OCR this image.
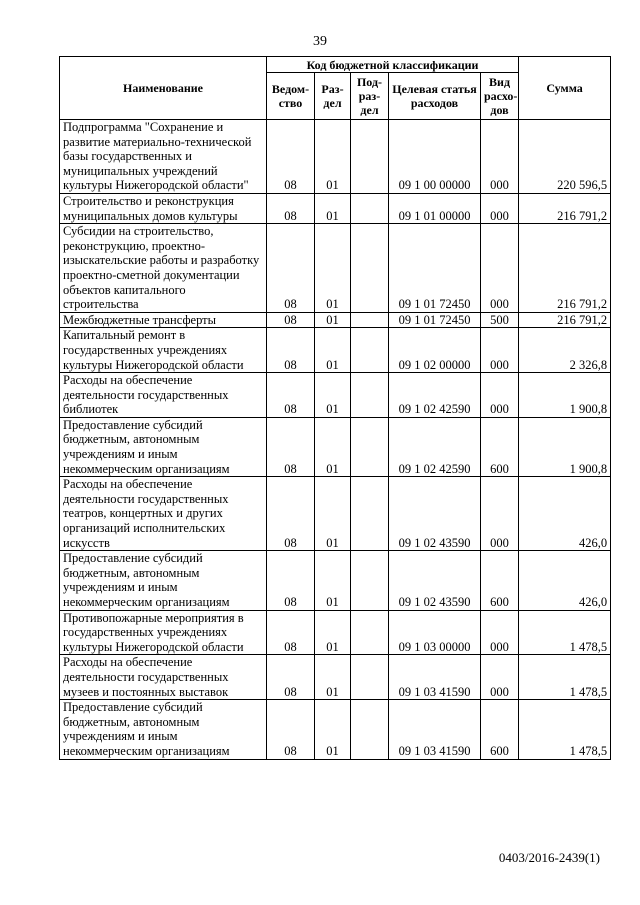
39
Наименование	Код бюджетной классификации					Сумма
	Ведом-ство	Раз-дел	Под-раз-дел	Целевая статья расходов	Вид расхо-дов	
Подпрограмма "Сохранение и развитие материально-технической базы государственных и муниципальных учреждений культуры Нижегородской области"	08	01		09 1 00 00000	000	220 596,5
Строительство и реконструкция муниципальных домов культуры	08	01		09 1 01 00000	000	216 791,2
Субсидии на строительство, реконструкцию, проектно-изыскательские работы и разработку проектно-сметной документации объектов капитального строительства	08	01		09 1 01 72450	000	216 791,2
Межбюджетные трансферты	08	01		09 1 01 72450	500	216 791,2
Капитальный ремонт в государственных учреждениях культуры Нижегородской области	08	01		09 1 02 00000	000	2 326,8
Расходы на обеспечение деятельности государственных библиотек	08	01		09 1 02 42590	000	1 900,8
Предоставление субсидий бюджетным, автономным учреждениям и иным некоммерческим организациям	08	01		09 1 02 42590	600	1 900,8
Расходы на обеспечение деятельности государственных театров, концертных и других организаций исполнительских искусств	08	01		09 1 02 43590	000	426,0
Предоставление субсидий бюджетным, автономным учреждениям и иным некоммерческим организациям	08	01		09 1 02 43590	600	426,0
Противопожарные мероприятия в государственных учреждениях культуры Нижегородской области	08	01		09 1 03 00000	000	1 478,5
Расходы на обеспечение деятельности государственных музеев и постоянных выставок	08	01		09 1 03 41590	000	1 478,5
Предоставление субсидий бюджетным, автономным учреждениям и иным некоммерческим организациям	08	01		09 1 03 41590	600	1 478,5
0403/2016-2439(1)
